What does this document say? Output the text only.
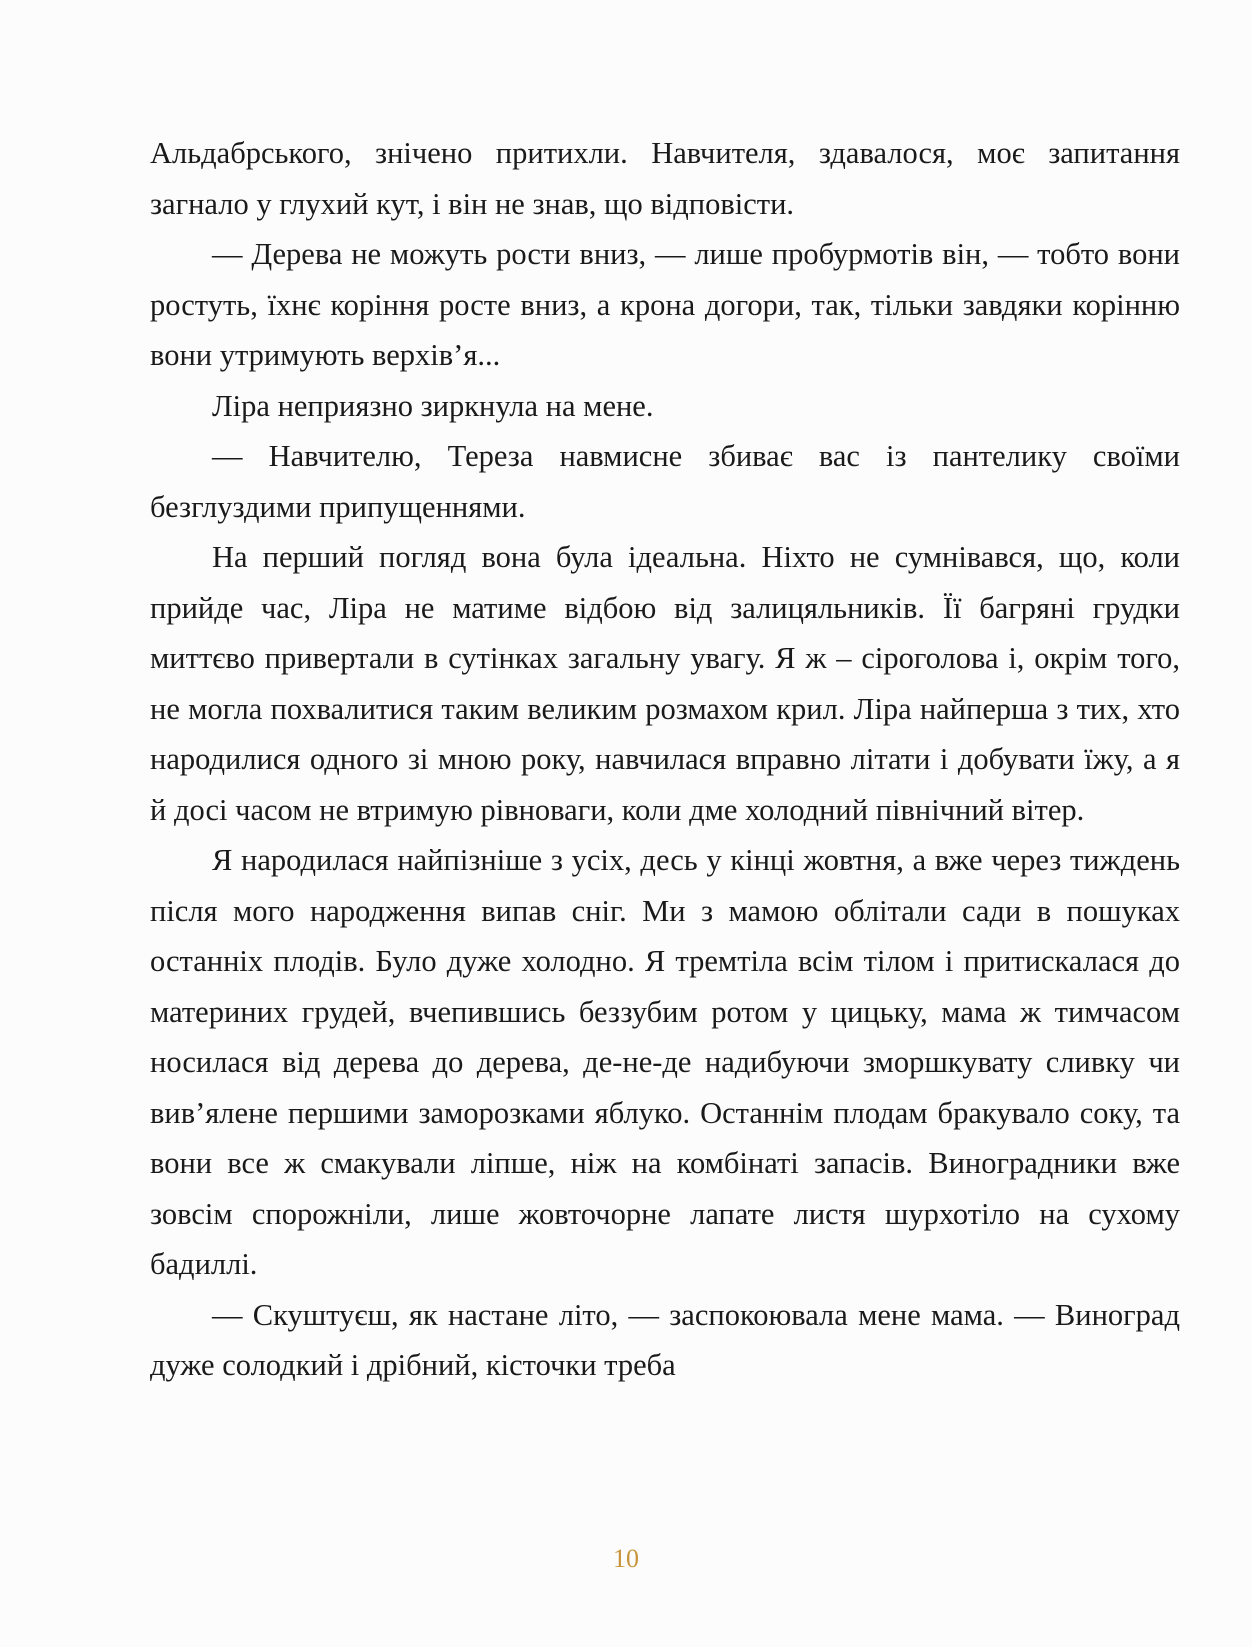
Альдабрського, знічено притихли. Навчителя, здавалося, моє запитання загнало у глухий кут, і він не знав, що відповісти.

— Дерева не можуть рости вниз, — лише пробурмотів він, — тобто вони ростуть, їхнє коріння росте вниз, а крона догори, так, тільки завдяки корінню вони утримують верхів’я...

Ліра неприязно зиркнула на мене.

— Навчителю, Тереза навмисне збиває вас із пантелику своїми безглуздими припущеннями.

На перший погляд вона була ідеальна. Ніхто не сумнівався, що, коли прийде час, Ліра не матиме відбою від залицяльників. Її багряні грудки миттєво привертали в сутінках загальну увагу. Я ж – сіроголова і, окрім того, не могла похвалитися таким великим розмахом крил. Ліра найперша з тих, хто народилися одного зі мною року, навчилася вправно літати і добувати їжу, а я й досі часом не втримую рівноваги, коли дме холодний північний вітер.

Я народилася найпізніше з усіх, десь у кінці жовтня, а вже через тиждень після мого народження випав сніг. Ми з мамою облітали сади в пошуках останніх плодів. Було дуже холодно. Я тремтіла всім тілом і притискалася до материних грудей, вчепившись беззубим ротом у цицьку, мама ж тимчасом носилася від дерева до дерева, де-не-де надибуючи зморшкувату сливку чи вив’ялене першими заморозками яблуко. Останнім плодам бракувало соку, та вони все ж смакували ліпше, ніж на комбінаті запасів. Виноградники вже зовсім спорожніли, лише жовточорне лапате листя шурхотіло на сухому бадиллі.

— Скуштуєш, як настане літо, — заспокоювала мене мама. — Виноград дуже солодкий і дрібний, кісточки треба

10
